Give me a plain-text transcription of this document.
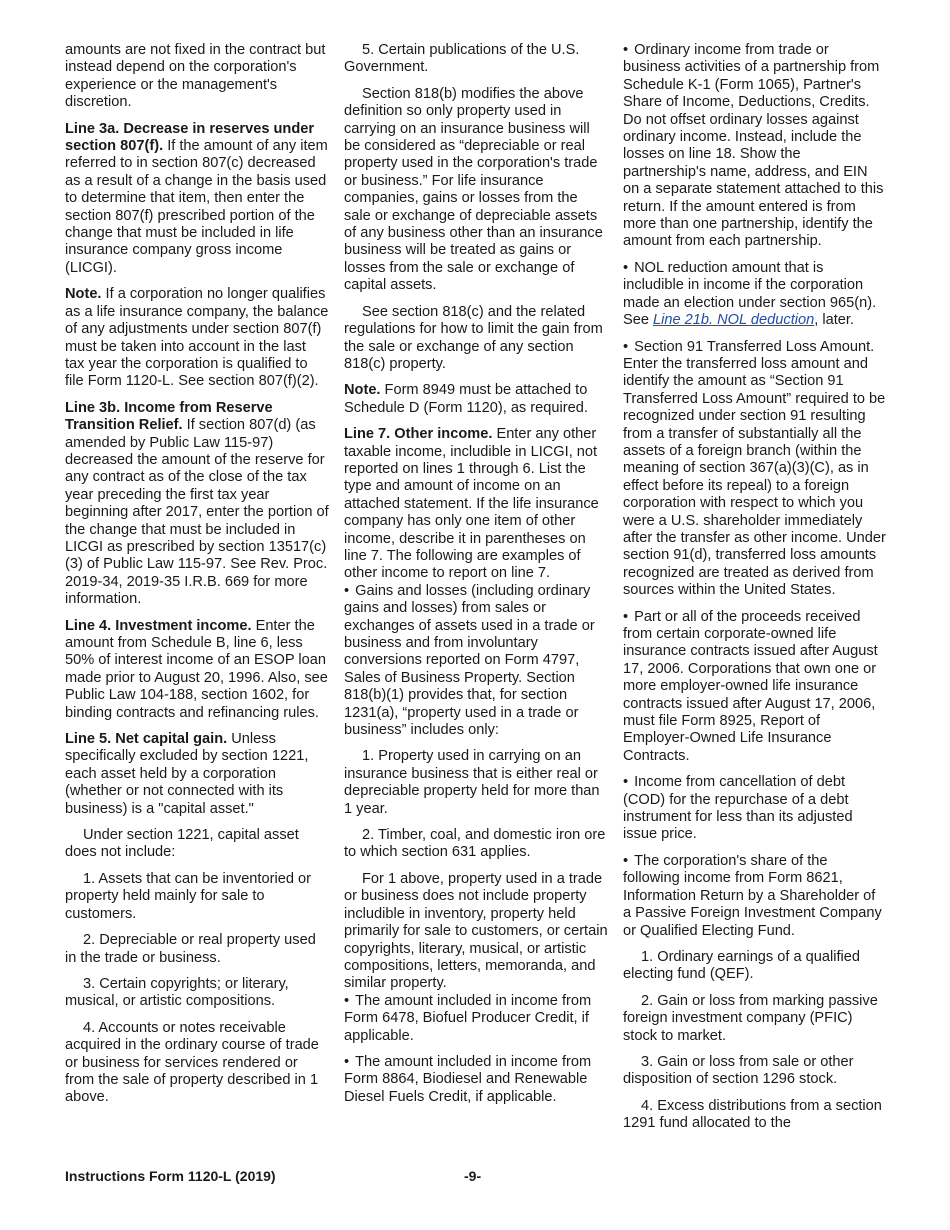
amounts are not fixed in the contract but instead depend on the corporation's experience or the management's discretion.

Line 3a. Decrease in reserves under section 807(f). If the amount of any item referred to in section 807(c) decreased as a result of a change in the basis used to determine that item, then enter the section 807(f) prescribed portion of the change that must be included in life insurance company gross income (LICGI).

Note. If a corporation no longer qualifies as a life insurance company, the balance of any adjustments under section 807(f) must be taken into account in the last tax year the corporation is qualified to file Form 1120-L. See section 807(f)(2).

Line 3b. Income from Reserve Transition Relief. If section 807(d) (as amended by Public Law 115-97) decreased the amount of the reserve for any contract as of the close of the tax year preceding the first tax year beginning after 2017, enter the portion of the change that must be included in LICGI as prescribed by section 13517(c)(3) of Public Law 115-97. See Rev. Proc. 2019-34, 2019-35 I.R.B. 669 for more information.

Line 4. Investment income. Enter the amount from Schedule B, line 6, less 50% of interest income of an ESOP loan made prior to August 20, 1996. Also, see Public Law 104-188, section 1602, for binding contracts and refinancing rules.

Line 5. Net capital gain. Unless specifically excluded by section 1221, each asset held by a corporation (whether or not connected with its business) is a "capital asset."

Under section 1221, capital asset does not include:

1. Assets that can be inventoried or property held mainly for sale to customers.

2. Depreciable or real property used in the trade or business.

3. Certain copyrights; or literary, musical, or artistic compositions.

4. Accounts or notes receivable acquired in the ordinary course of trade or business for services rendered or from the sale of property described in 1 above.

5. Certain publications of the U.S. Government.

Section 818(b) modifies the above definition so only property used in carrying on an insurance business will be considered as “depreciable or real property used in the corporation's trade or business.” For life insurance companies, gains or losses from the sale or exchange of depreciable assets of any business other than an insurance business will be treated as gains or losses from the sale or exchange of capital assets.

See section 818(c) and the related regulations for how to limit the gain from the sale or exchange of any section 818(c) property.

Note. Form 8949 must be attached to Schedule D (Form 1120), as required.

Line 7. Other income. Enter any other taxable income, includible in LICGI, not reported on lines 1 through 6. List the type and amount of income on an attached statement. If the life insurance company has only one item of other income, describe it in parentheses on line 7. The following are examples of other income to report on line 7.

• Gains and losses (including ordinary gains and losses) from sales or exchanges of assets used in a trade or business and from involuntary conversions reported on Form 4797, Sales of Business Property. Section 818(b)(1) provides that, for section 1231(a), “property used in a trade or business” includes only:

1. Property used in carrying on an insurance business that is either real or depreciable property held for more than 1 year.

2. Timber, coal, and domestic iron ore to which section 631 applies.

For 1 above, property used in a trade or business does not include property includible in inventory, property held primarily for sale to customers, or certain copyrights, literary, musical, or artistic compositions, letters, memoranda, and similar property.

• The amount included in income from Form 6478, Biofuel Producer Credit, if applicable.

• The amount included in income from Form 8864, Biodiesel and Renewable Diesel Fuels Credit, if applicable.

• Ordinary income from trade or business activities of a partnership from Schedule K-1 (Form 1065), Partner's Share of Income, Deductions, Credits. Do not offset ordinary losses against ordinary income. Instead, include the losses on line 18. Show the partnership's name, address, and EIN on a separate statement attached to this return. If the amount entered is from more than one partnership, identify the amount from each partnership.

• NOL reduction amount that is includible in income if the corporation made an election under section 965(n). See Line 21b. NOL deduction, later.

• Section 91 Transferred Loss Amount. Enter the transferred loss amount and identify the amount as “Section 91 Transferred Loss Amount” required to be recognized under section 91 resulting from a transfer of substantially all the assets of a foreign branch (within the meaning of section 367(a)(3)(C), as in effect before its repeal) to a foreign corporation with respect to which you were a U.S. shareholder immediately after the transfer as other income. Under section 91(d), transferred loss amounts recognized are treated as derived from sources within the United States.

• Part or all of the proceeds received from certain corporate-owned life insurance contracts issued after August 17, 2006. Corporations that own one or more employer-owned life insurance contracts issued after August 17, 2006, must file Form 8925, Report of Employer-Owned Life Insurance Contracts.

• Income from cancellation of debt (COD) for the repurchase of a debt instrument for less than its adjusted issue price.

• The corporation's share of the following income from Form 8621, Information Return by a Shareholder of a Passive Foreign Investment Company or Qualified Electing Fund.

1. Ordinary earnings of a qualified electing fund (QEF).

2. Gain or loss from marking passive foreign investment company (PFIC) stock to market.

3. Gain or loss from sale or other disposition of section 1296 stock.

4. Excess distributions from a section 1291 fund allocated to the

Instructions Form 1120-L (2019)	-9-
